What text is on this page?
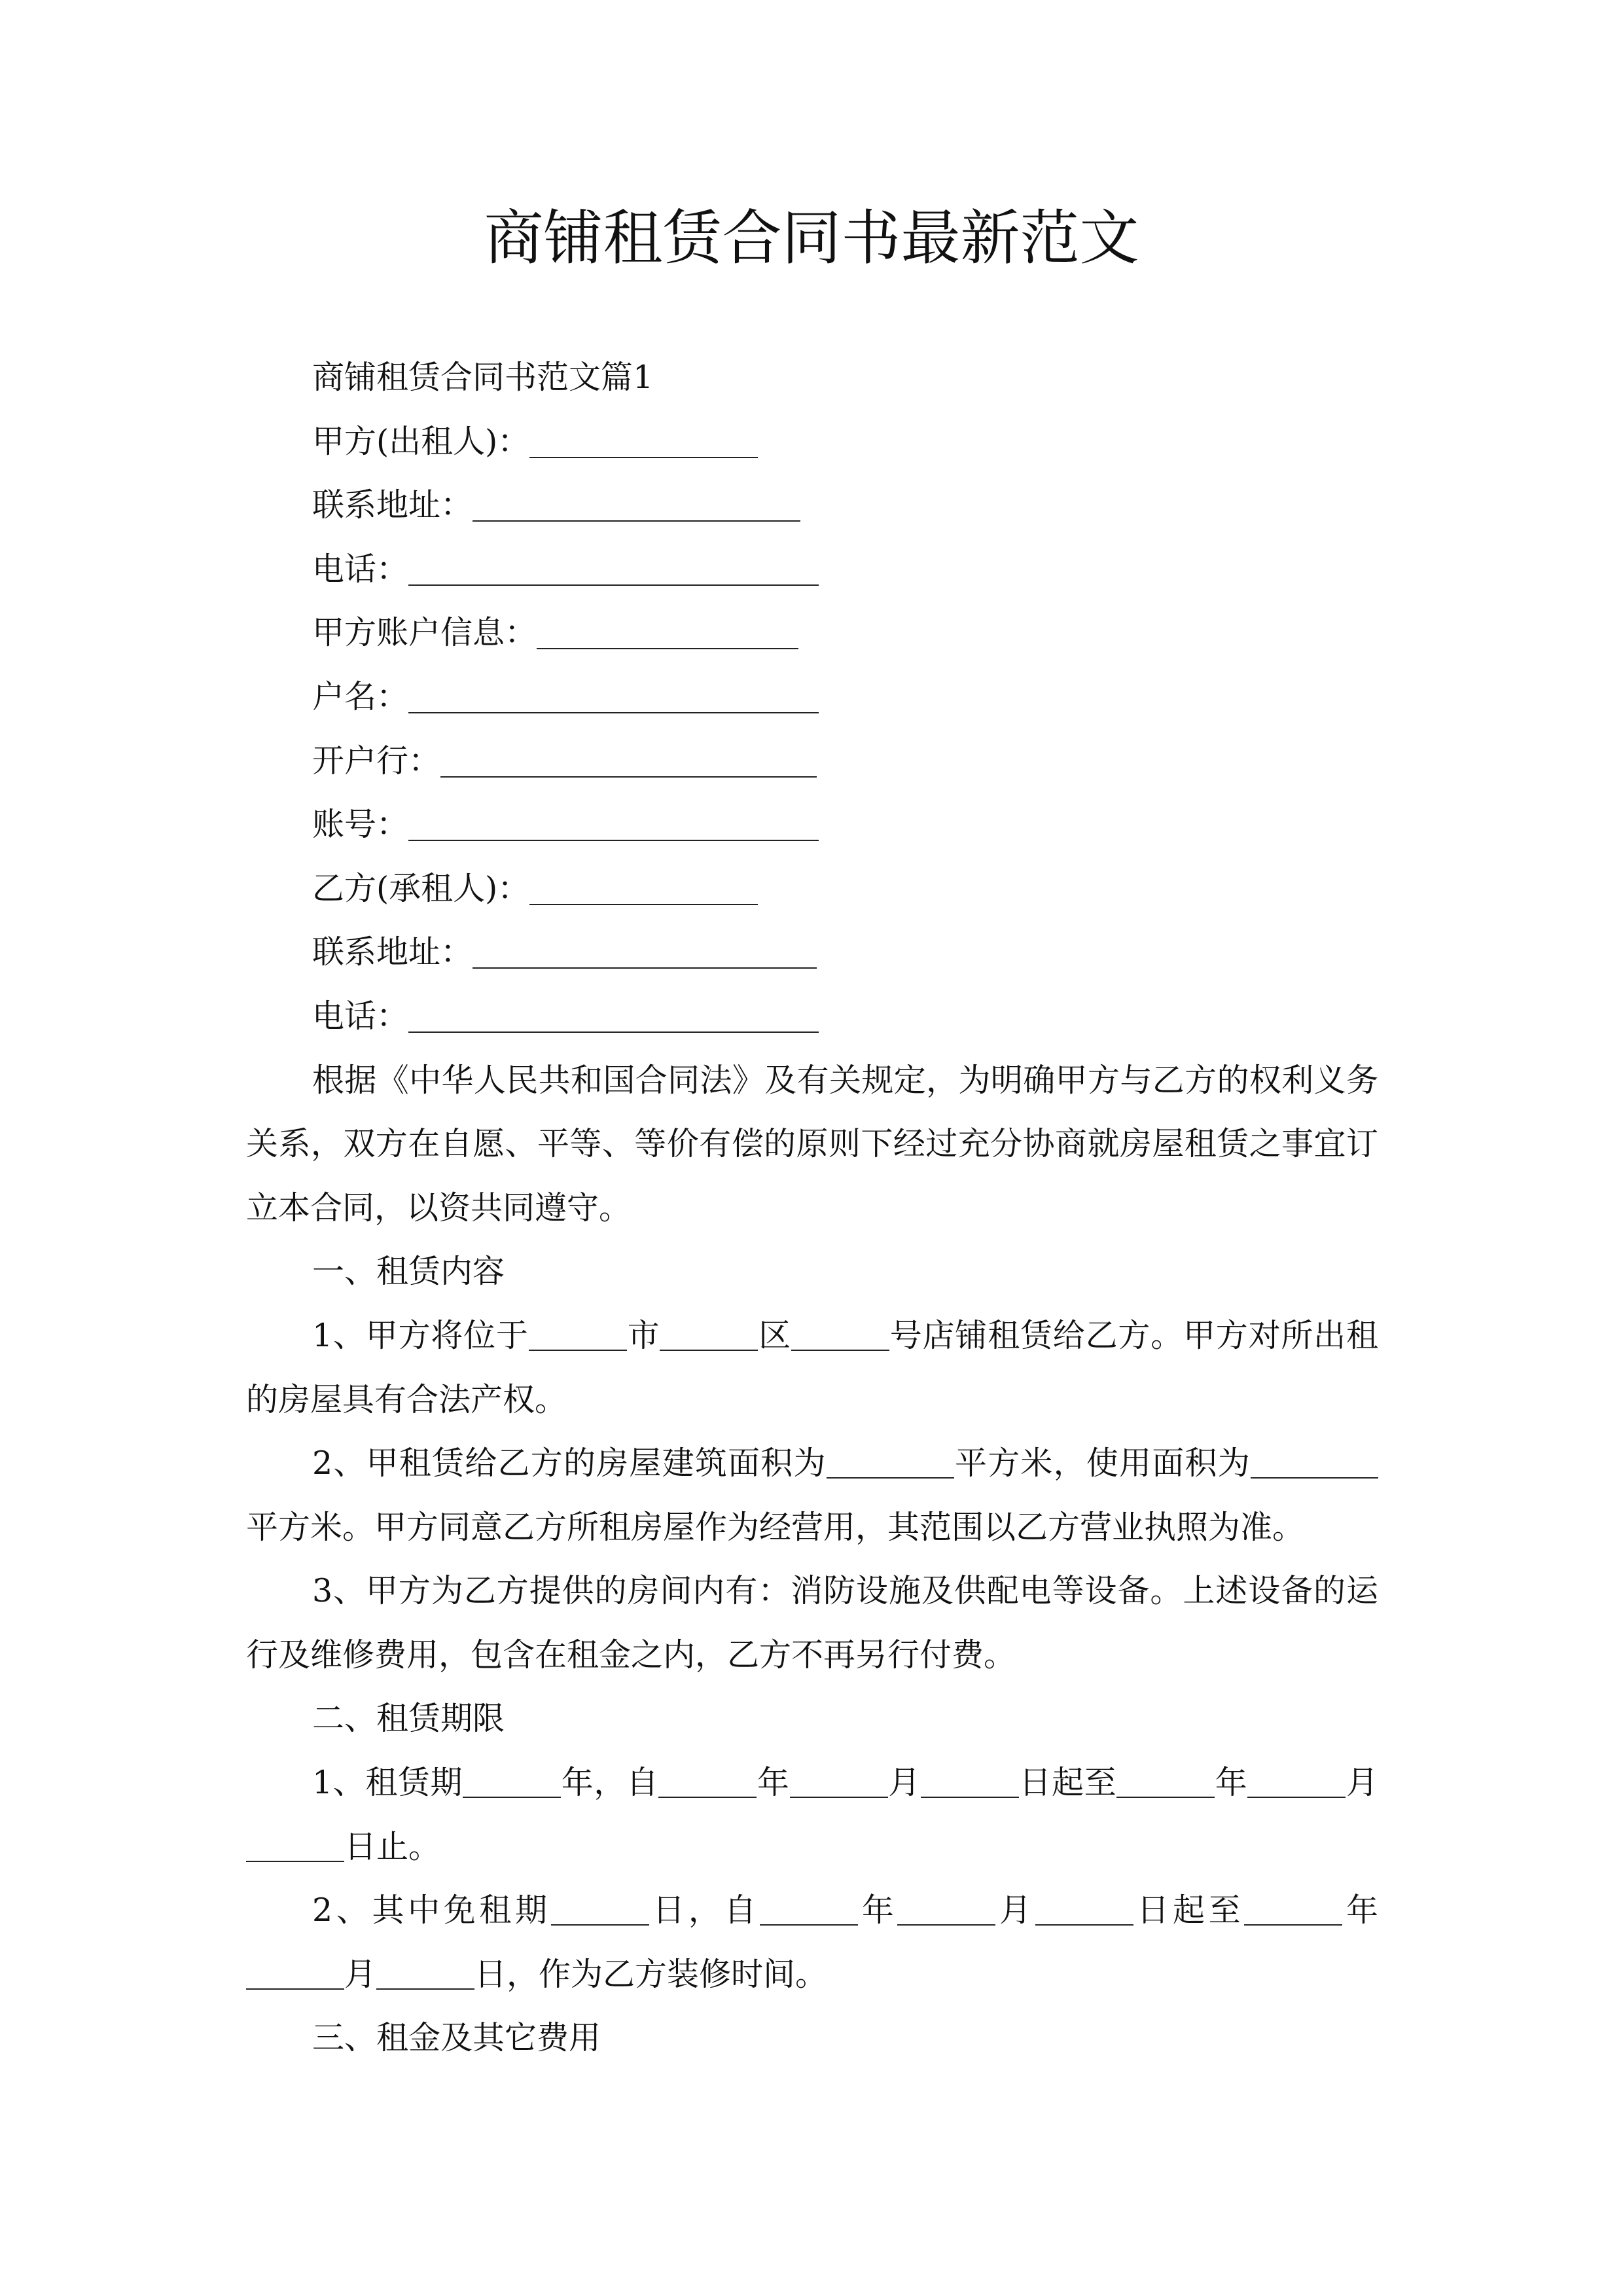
商铺租赁合同书最新范文
商铺租赁合同书范文篇1
甲方(出租人)：
联系地址：
电话：
甲方账户信息：
户名：
开户行：
账号：
乙方(承租人)：
联系地址：
电话：
根据《中华人民共和国合同法》及有关规定，为明确甲方与乙方的权利义务关系，双方在自愿、平等、等价有偿的原则下经过充分协商就房屋租赁之事宜订立本合同，以资共同遵守。
一、租赁内容
1、甲方将位于	市	区	号店铺租赁给乙方。甲方对所出租的房屋具有合法产权。
2、甲租赁给乙方的房屋建筑面积为	平方米，使用面积为平方米。甲方同意乙方所租房屋作为经营用，其范围以乙方营业执照为准。
3、甲方为乙方提供的房间内有：消防设施及供配电等设备。上述设备的运行及维修费用，包含在租金之内，乙方不再另行付费。
二、租赁期限
1、租赁期	年，自	年	月	日起至	年	月日止。
2、其中免租期	日，自	年	月	日起至	年月	日，作为乙方装修时间。
三、租金及其它费用
